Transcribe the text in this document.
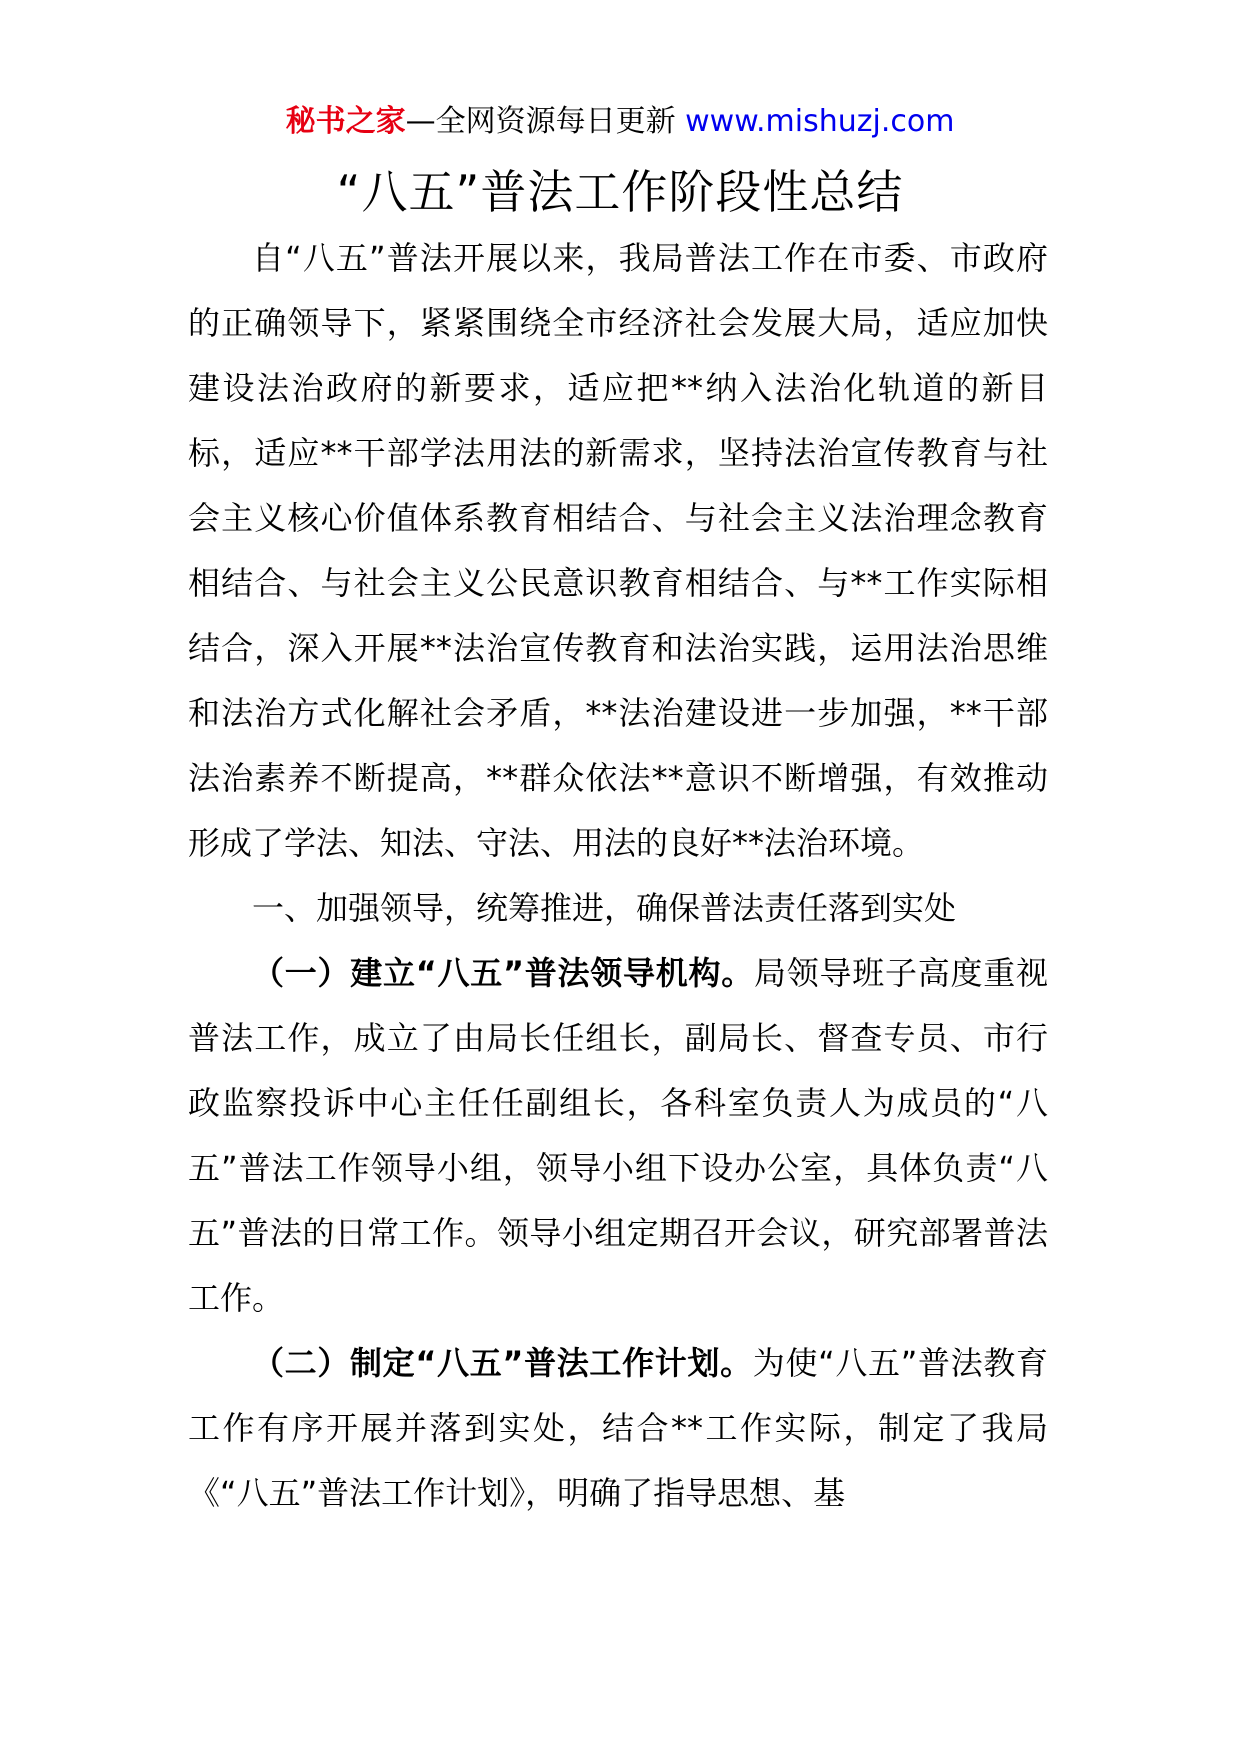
秘书之家—全网资源每日更新 www.mishuzj.com
“八五”普法工作阶段性总结

自“八五”普法开展以来，我局普法工作在市委、市政府的正确领导下，紧紧围绕全市经济社会发展大局，适应加快建设法治政府的新要求，适应把**纳入法治化轨道的新目标，适应**干部学法用法的新需求，坚持法治宣传教育与社会主义核心价值体系教育相结合、与社会主义法治理念教育相结合、与社会主义公民意识教育相结合、与**工作实际相结合，深入开展**法治宣传教育和法治实践，运用法治思维和法治方式化解社会矛盾，**法治建设进一步加强，**干部法治素养不断提高，**群众依法**意识不断增强，有效推动形成了学法、知法、守法、用法的良好**法治环境。

一、加强领导，统筹推进，确保普法责任落到实处

（一）建立“八五”普法领导机构。局领导班子高度重视普法工作，成立了由局长任组长，副局长、督查专员、市行政监察投诉中心主任任副组长，各科室负责人为成员的“八五”普法工作领导小组，领导小组下设办公室，具体负责“八五”普法的日常工作。领导小组定期召开会议，研究部署普法工作。

（二）制定“八五”普法工作计划。为使“八五”普法教育工作有序开展并落到实处，结合**工作实际，制定了我局《“八五”普法工作计划》，明确了指导思想、基
